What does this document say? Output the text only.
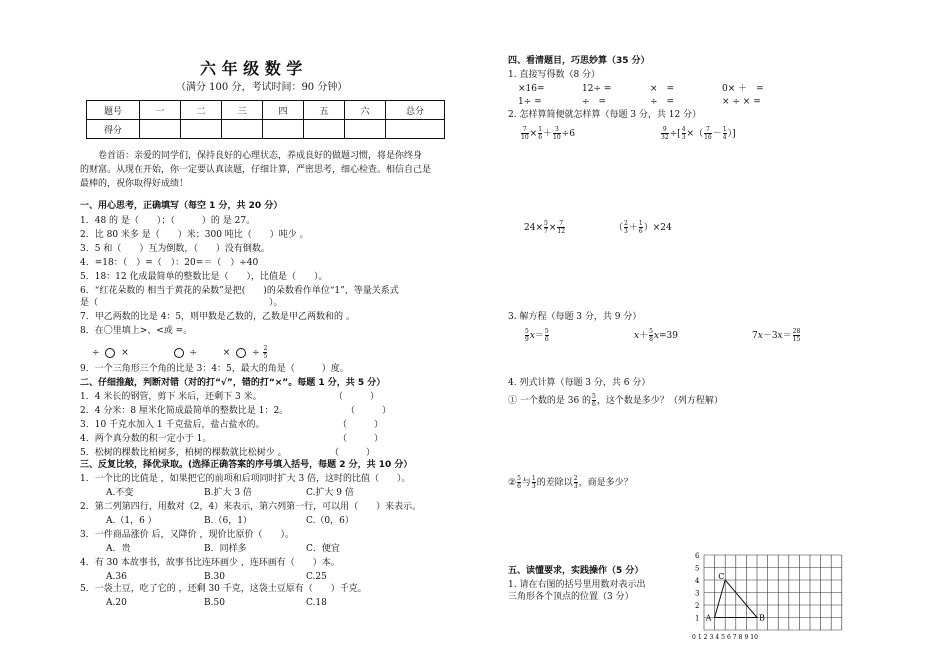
六 年 级 数 学
（满分 100 分，考试时间：90 分钟）
题号	一	二	三	四	五	六	总分
得分							
卷首语：亲爱的同学们，保持良好的心理状态，养成良好的做题习惯，将是你终身
的财富。从现在开始，你一定要认真读题，仔细计算，严密思考，细心检查。相信自己是
最棒的，祝你取得好成绩！
一、用心思考，正确填写（每空 1 分，共 20 分）
1．48 的 是（　　）；（　　　）的 是 27。
2．比 80 米多 是（　　）米；300 吨比（　　）吨少 。
3．5 和（　　）互为倒数，（　　）没有倒数。
4．=18：（　）=（　）：20=＝（　）÷40
5．18：12 化成最简单的整数比是（　　），比值是（　　）。
6．“红花朵数的 相当于黄花的朵数”是把(　　)的朵数看作单位“1”，等量关系式
是（　　　　　　　　　　　　　　　　　　　）。
7．甲乙两数的比是 4：5，则甲数是乙数的，乙数是甲乙两数和的 。
8．在〇里填上>、<或 =。
÷ ×	÷	× ÷ $\frac{2}{5}$
9．一个三角形三个角的比是 3：4：5，最大的角是（　　　）度。
二、仔细推敲，判断对错（对的打“√”，错的打“×”。每题 1 分，共 5 分）
1．4 米长的钢管，剪下 米后，还剩下 3 米。	（　　　）
2．4 分米：8 厘米化简成最简单的整数比是 1：2。	（　　　）
3．10 千克水加入 1 千克盐后，盐占盐水的。	（　　　）
4．两个真分数的积一定小于 1。	（　　　）
5．松树的棵数比柏树多，柏树的棵数就比松树少 。	（　　　）
三、反复比较，择优录取。(选择正确答案的序号填入括号，每题 2 分，共 10 分）
1．一个比的比值是 ，如果把它的前项和后项同时扩大 3 倍，这时的比值（　　）。
A.不变	B.扩大 3 倍	C.扩大 9 倍
2．第二列第四行，用数对（2，4）来表示，第六列第一行，可以用（　　）来表示。
A.（1，6 ）	B.（6，1）	C.（0，6）
3．一件商品涨价 后，又降价 ，现价比原价（　　）。
A．贵	B．同样多	C．便宜
4．有 30 本故事书，故事书比连环画少 ，连环画有（　　）本。
A.36	B.30	C.25
5．一袋土豆，吃了它的 ，还剩 30 千克，这袋土豆原有（　　）千克。
A.20	B.50	C.18
四、看清题目，巧思妙算（35 分）
1. 直接写得数（8 分）
×16=	12÷ =	×　=	0× ＋　=
1÷ =	÷　=	÷　=	× ÷ × =
2. 怎样算简便就怎样算（每题 3 分，共 12 分）
$\frac{7}{10} \times \frac{1}{6} + \frac{3}{10} \div 6$	$\frac{9}{32}$ ÷[ $\frac{4}{3}$ ×（ $\frac{7}{16} - \frac{1}{4}$ ）]
$24\times \frac{5}{7} \times \frac{7}{12}$	（ $\frac{2}{3} + \frac{1}{6} )\times 24$
3. 解方程（每题 3 分，共 9 分）
$\frac{5}{9} x= \frac{5}{6}$	$x+ \frac{5}{8} x=39$	$7x-3x= \frac{28}{15}$
4. 列式计算（每题 3 分，共 6 分）
① 一个数的是 36 的 $\frac{5}{6}$ ，这个数是多少？（列方程解）
② $\frac{5}{6}$ 与 $\frac{1}{3}$ 的差除以 $\frac{2}{3}$ ，商是多少？
五、读懂要求，实践操作（5 分）
1. 请在右图的括号里用数对表示出
三角形各个顶点的位置（3 分）
A	B
C
6
5
4
3
2
1
0 1 2 3 4 5 6 7 8 9 10
